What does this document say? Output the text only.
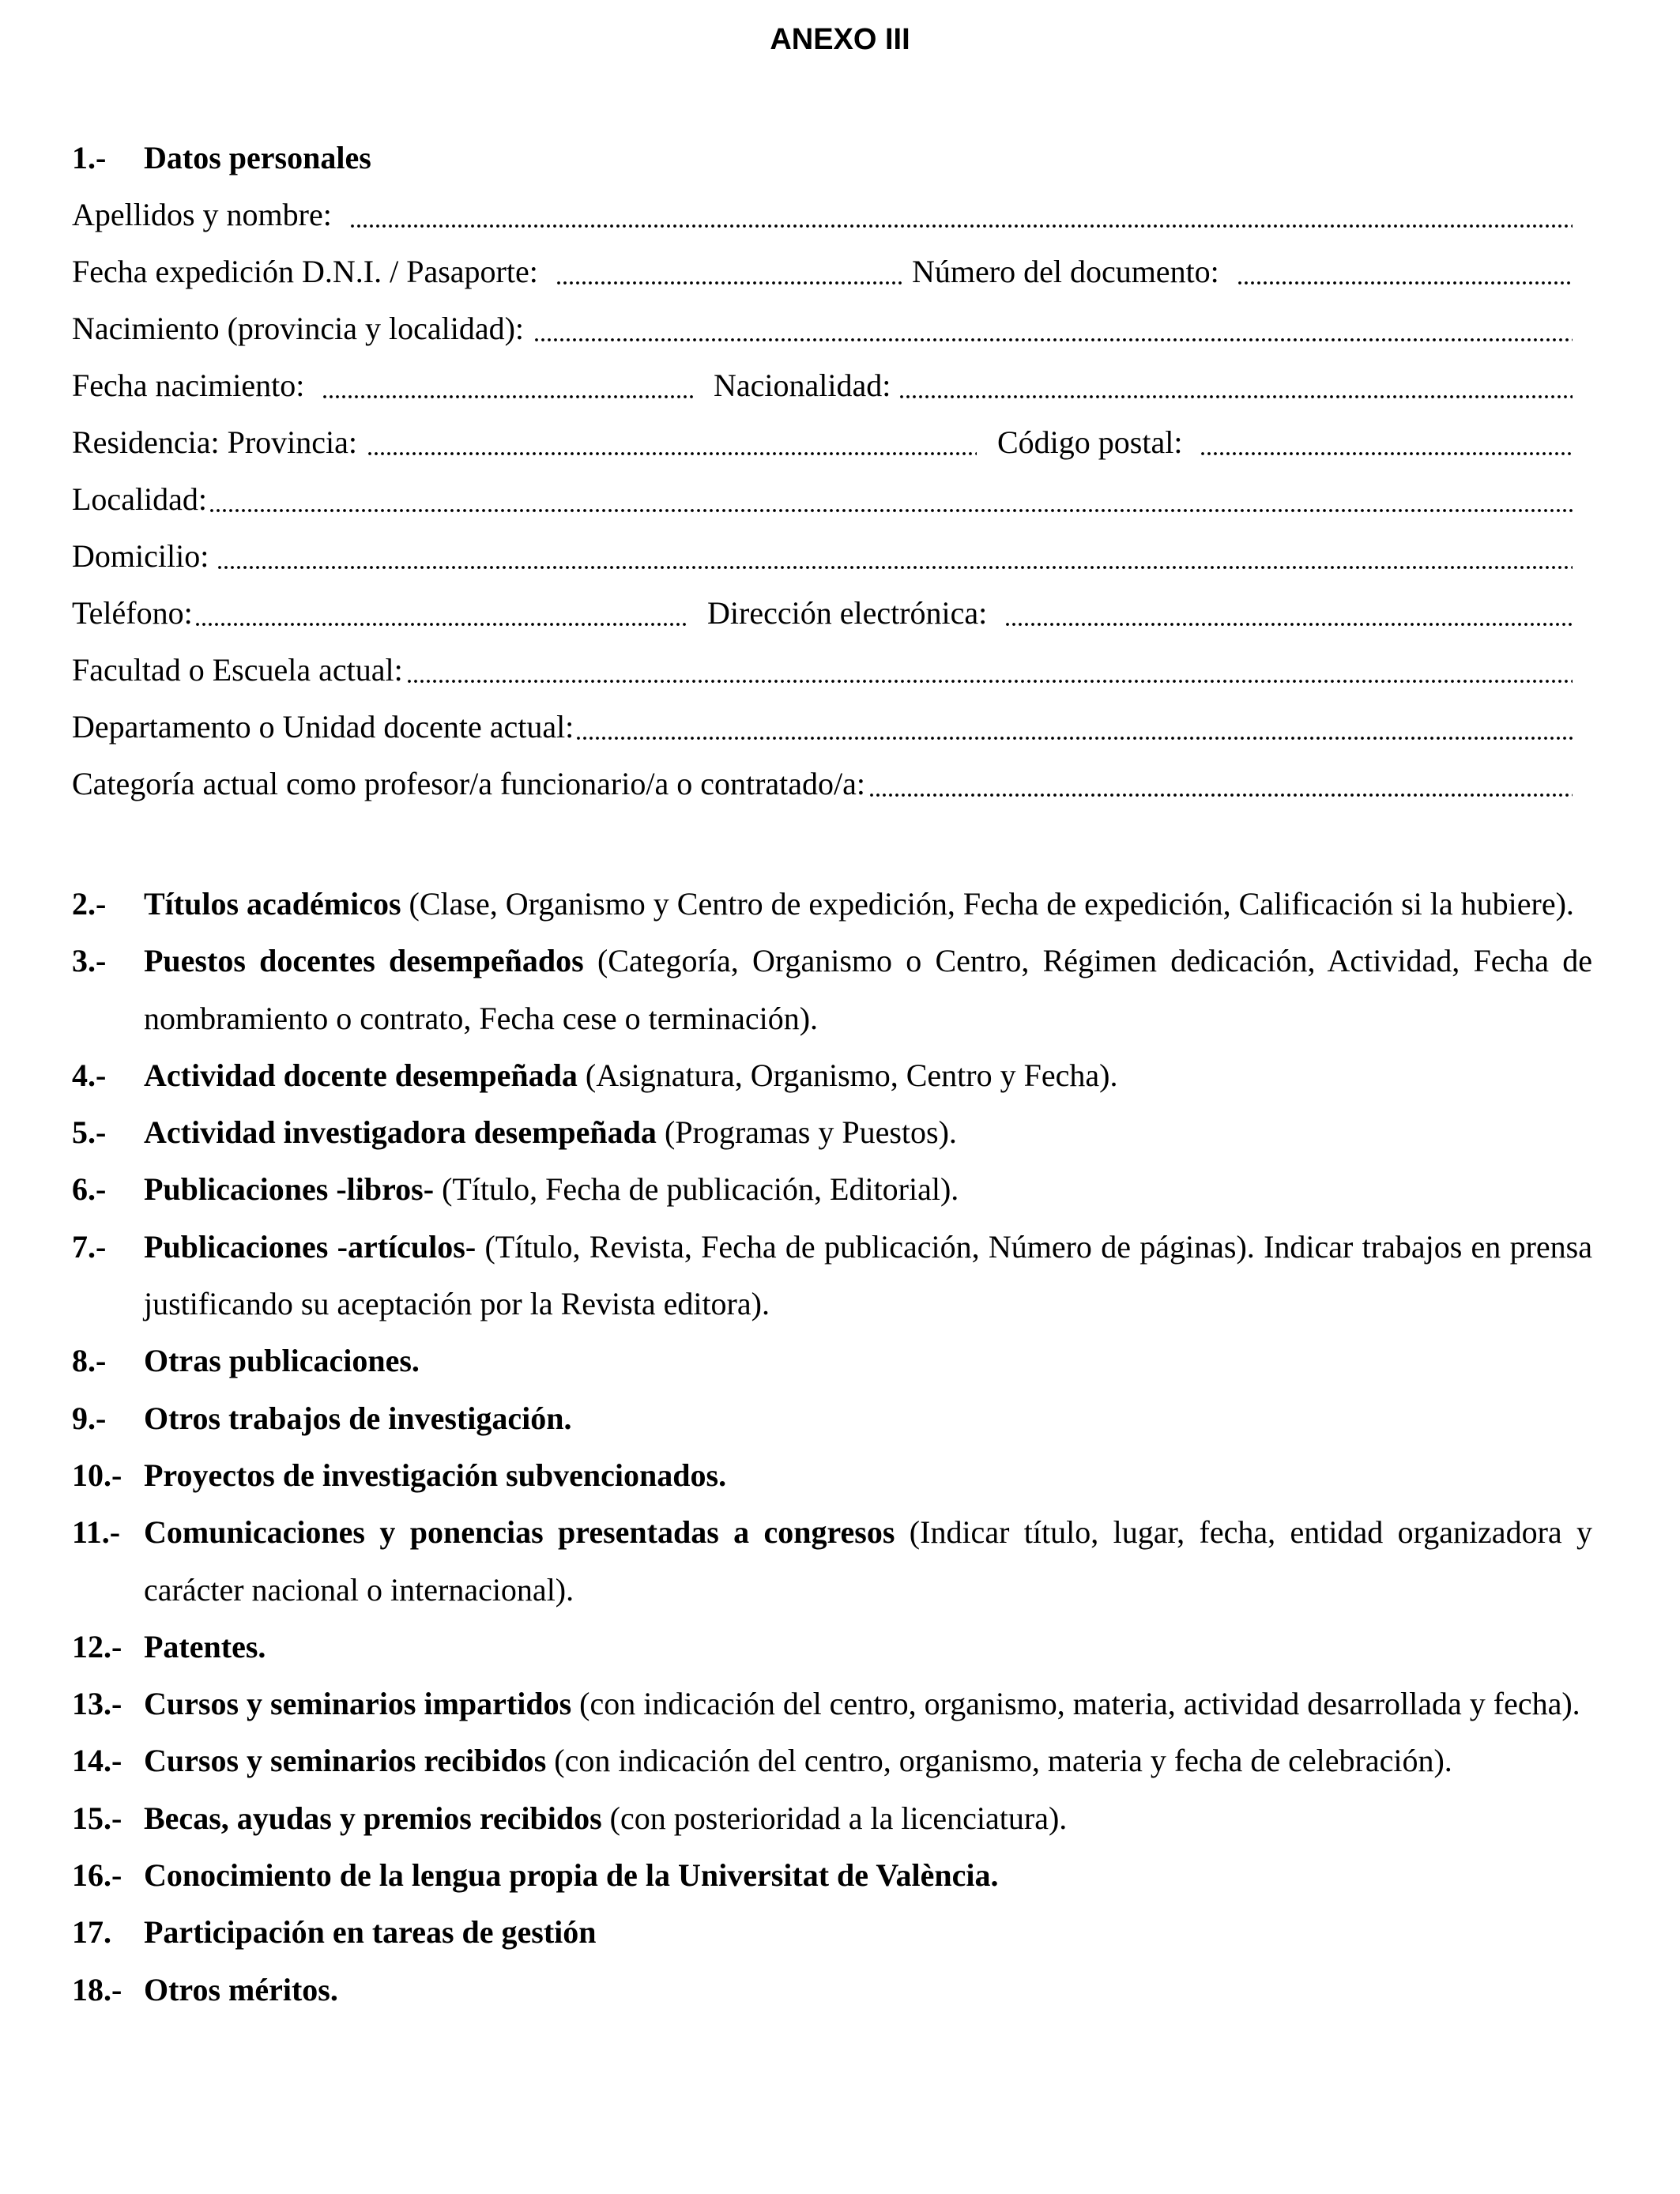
ANEXO III
1.- Datos personales
Apellidos y nombre:
Fecha expedición D.N.I. / Pasaporte:	Número del documento:
Nacimiento (provincia y localidad):
Fecha nacimiento:	Nacionalidad:
Residencia: Provincia:	Código postal:
Localidad:
Domicilio:
Teléfono:	Dirección electrónica:
Facultad o Escuela actual:
Departamento o Unidad docente actual:
Categoría actual como profesor/a funcionario/a o contratado/a:
2.- Títulos académicos (Clase, Organismo y Centro de expedición, Fecha de expedición, Calificación si la hubiere).
3.- Puestos docentes desempeñados (Categoría, Organismo o Centro, Régimen dedicación, Actividad, Fecha de nombramiento o contrato, Fecha cese o terminación).
4.- Actividad docente desempeñada (Asignatura, Organismo, Centro y Fecha).
5.- Actividad investigadora desempeñada (Programas y Puestos).
6.- Publicaciones -libros- (Título, Fecha de publicación, Editorial).
7.- Publicaciones -artículos- (Título, Revista, Fecha de publicación, Número de páginas). Indicar trabajos en prensa justificando su aceptación por la Revista editora).
8.- Otras publicaciones.
9.- Otros trabajos de investigación.
10.- Proyectos de investigación subvencionados.
11.- Comunicaciones y ponencias presentadas a congresos (Indicar título, lugar, fecha, entidad organizadora y carácter nacional o internacional).
12.- Patentes.
13.- Cursos y seminarios impartidos (con indicación del centro, organismo, materia, actividad desarrollada y fecha).
14.- Cursos y seminarios recibidos (con indicación del centro, organismo, materia y fecha de celebración).
15.- Becas, ayudas y premios recibidos (con posterioridad a la licenciatura).
16.- Conocimiento de la lengua propia de la Universitat de València.
17. Participación en tareas de gestión
18.- Otros méritos.
